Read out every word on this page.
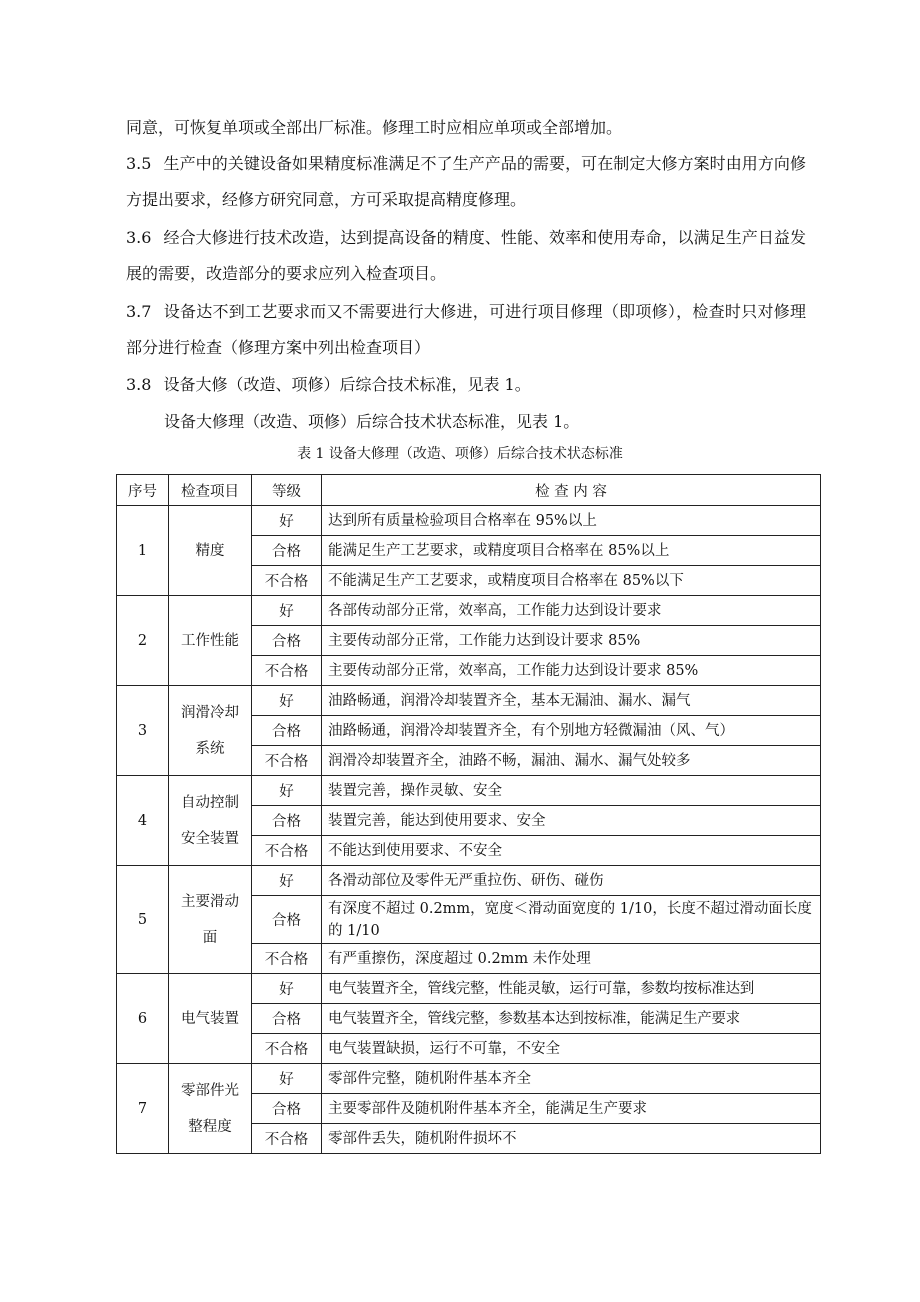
同意，可恢复单项或全部出厂标准。修理工时应相应单项或全部增加。

3.5 生产中的关键设备如果精度标准满足不了生产产品的需要，可在制定大修方案时由用方向修方提出要求，经修方研究同意，方可采取提高精度修理。

3.6 经合大修进行技术改造，达到提高设备的精度、性能、效率和使用寿命，以满足生产日益发展的需要，改造部分的要求应列入检查项目。

3.7 设备达不到工艺要求而又不需要进行大修进，可进行项目修理（即项修），检查时只对修理部分进行检查（修理方案中列出检查项目）

3.8 设备大修（改造、项修）后综合技术标准，见表 1。

设备大修理（改造、项修）后综合技术状态标准，见表 1。

表 1 设备大修理（改造、项修）后综合技术状态标准
序号	检查项目	等级	检 查 内 容
1	精度	好	达到所有质量检验项目合格率在 95%以上
		合格	能满足生产工艺要求，或精度项目合格率在 85%以上
		不合格	不能满足生产工艺要求，或精度项目合格率在 85%以下
2	工作性能	好	各部传动部分正常，效率高，工作能力达到设计要求
		合格	主要传动部分正常，工作能力达到设计要求 85%
		不合格	主要传动部分正常，效率高，工作能力达到设计要求 85%
3	润滑冷却系统	好	油路畅通，润滑冷却装置齐全，基本无漏油、漏水、漏气
		合格	油路畅通，润滑冷却装置齐全，有个别地方轻微漏油（风、气）
		不合格	润滑冷却装置齐全，油路不畅，漏油、漏水、漏气处较多
4	自动控制安全装置	好	装置完善，操作灵敏、安全
		合格	装置完善，能达到使用要求、安全
		不合格	不能达到使用要求、不安全
5	主要滑动面	好	各滑动部位及零件无严重拉伤、研伤、碰伤
		合格	有深度不超过 0.2mm，宽度＜滑动面宽度的 1/10，长度不超过滑动面长度的 1/10
		不合格	有严重擦伤，深度超过 0.2mm 未作处理
6	电气装置	好	电气装置齐全，管线完整，性能灵敏，运行可靠，参数均按标准达到
		合格	电气装置齐全，管线完整，参数基本达到按标准，能满足生产要求
		不合格	电气装置缺损，运行不可靠，不安全
7	零部件光整程度	好	零部件完整，随机附件基本齐全
		合格	主要零部件及随机附件基本齐全，能满足生产要求
		不合格	零部件丢失，随机附件损坏不
